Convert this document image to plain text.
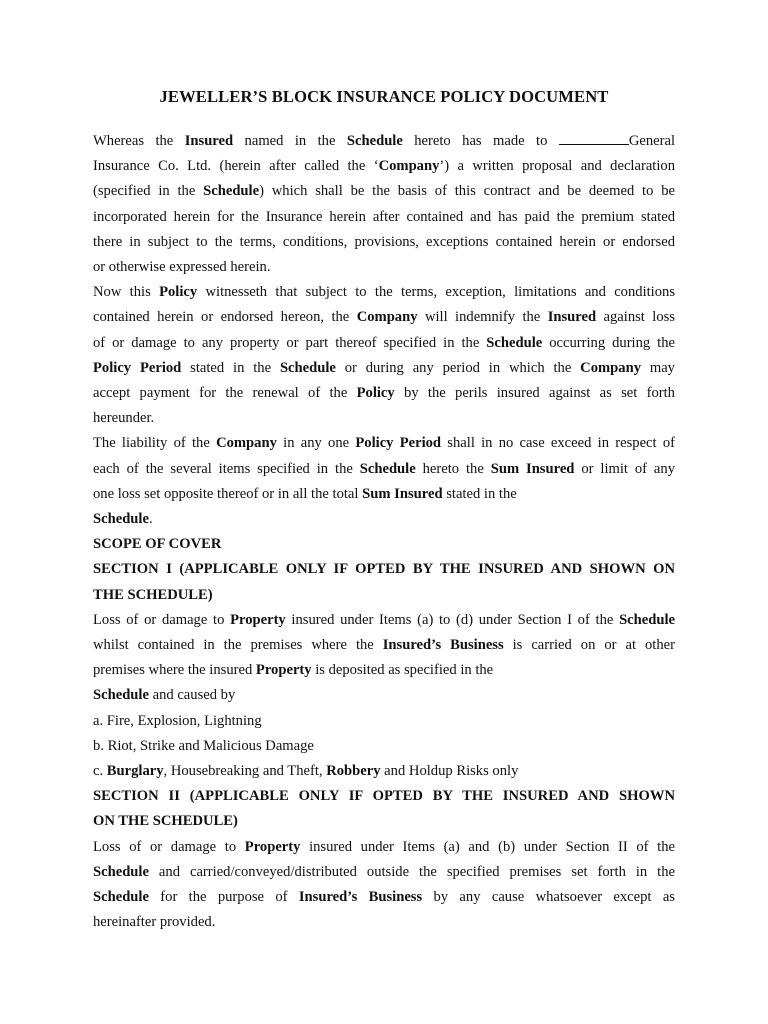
JEWELLER’S BLOCK INSURANCE POLICY DOCUMENT
Whereas the Insured named in the Schedule hereto has made to	General
Insurance Co. Ltd. (herein after called the ‘Company’) a written proposal and declaration
(specified in the Schedule) which shall be the basis of this contract and be deemed to be
incorporated herein for the Insurance herein after contained and has paid the premium stated
there in subject to the terms, conditions, provisions, exceptions contained herein or endorsed
or otherwise expressed herein.
Now this Policy witnesseth that subject to the terms, exception, limitations and conditions
contained herein or endorsed hereon, the Company will indemnify the Insured against loss
of or damage to any property or part thereof specified in the Schedule occurring during the
Policy Period stated in the Schedule or during any period in which the Company may
accept payment for the renewal of the Policy by the perils insured against as set forth
hereunder.
The liability of the Company in any one Policy Period shall in no case exceed in respect of
each of the several items specified in the Schedule hereto the Sum Insured or limit of any
one loss set opposite thereof or in all the total Sum Insured stated in the
Schedule.
SCOPE OF COVER
SECTION I (APPLICABLE ONLY IF OPTED BY THE INSURED AND SHOWN ON
THE SCHEDULE)
Loss of or damage to Property insured under Items (a) to (d) under Section I of the Schedule
whilst contained in the premises where the Insured’s Business is carried on or at other
premises where the insured Property is deposited as specified in the
Schedule and caused by
a. Fire, Explosion, Lightning
b. Riot, Strike and Malicious Damage
c. Burglary, Housebreaking and Theft, Robbery and Holdup Risks only
SECTION II (APPLICABLE ONLY IF OPTED BY THE INSURED AND SHOWN
ON THE SCHEDULE)
Loss of or damage to Property insured under Items (a) and (b) under Section II of the
Schedule and carried/conveyed/distributed outside the specified premises set forth in the
Schedule for the purpose of Insured’s Business by any cause whatsoever except as
hereinafter provided.
